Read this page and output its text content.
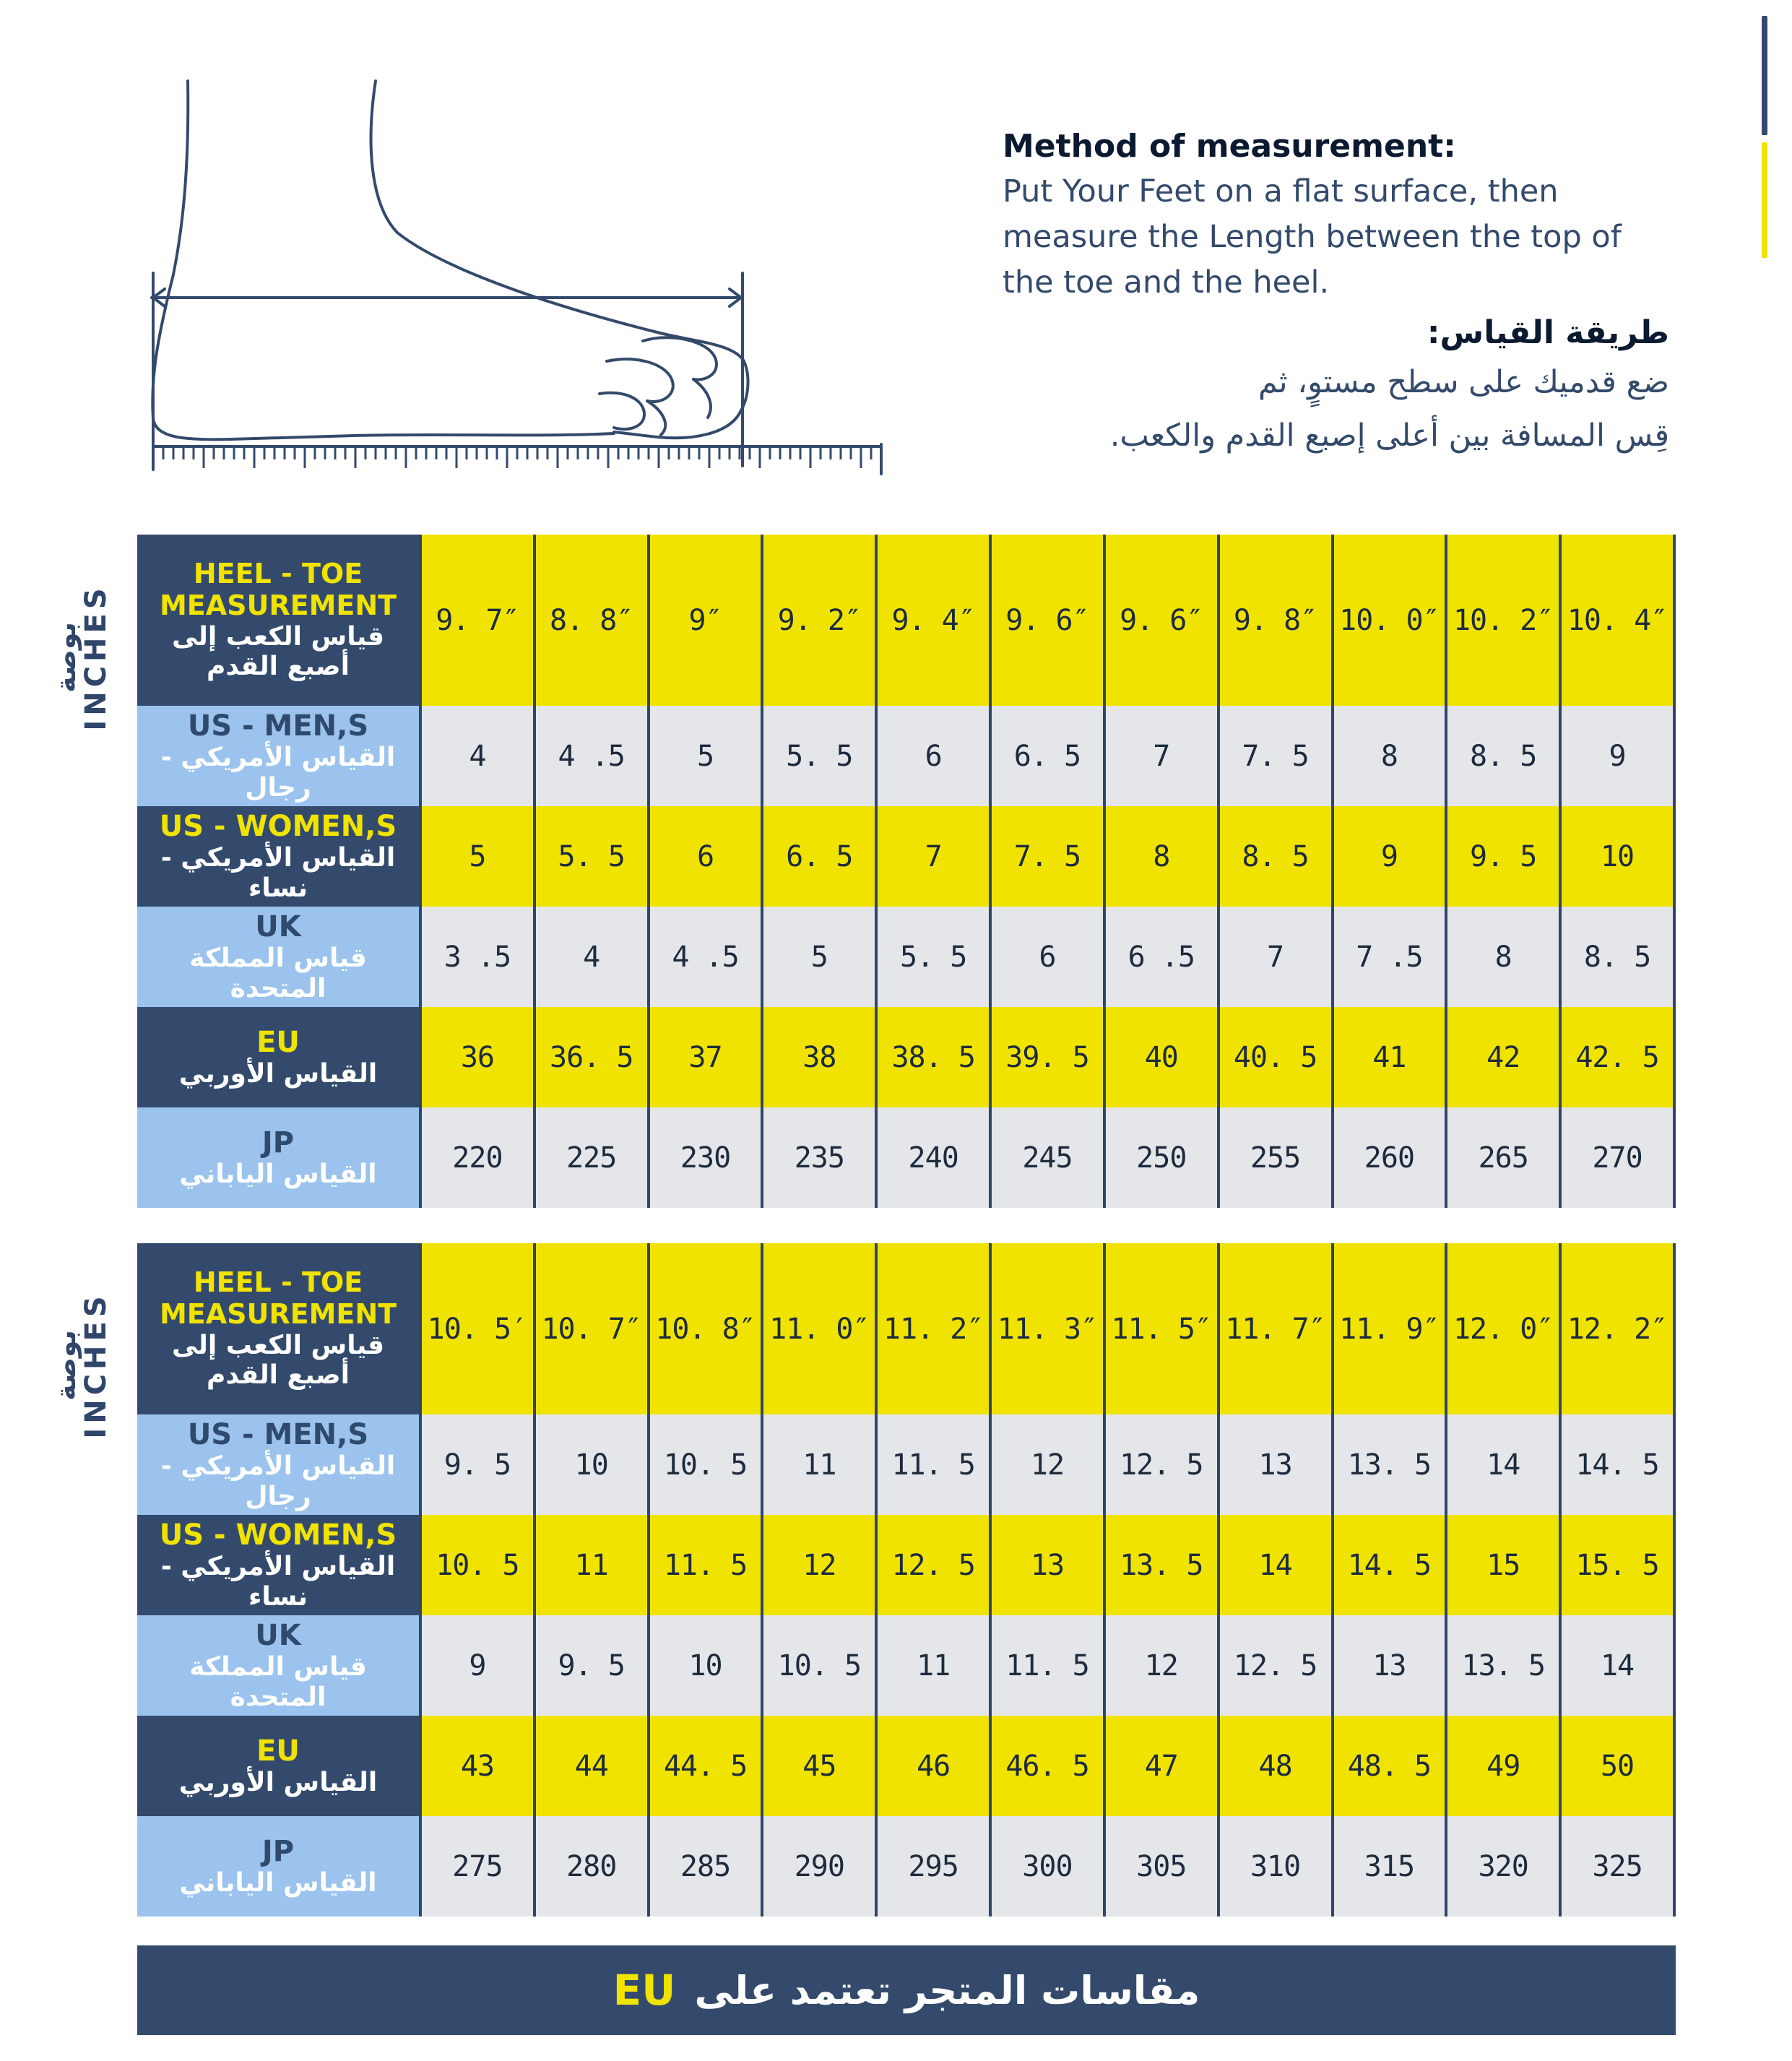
Method of measurement:
Put Your Feet on a flat surface, then
measure the Length between the top of
the toe and the heel.
طريقة القياس:
ضع قدميك على سطح مستوٍ، ثم
قِس المسافة بين أعلى إصبع القدم والكعب.
بوصة
INCHES
HEEL - TOE MEASUREMENT
قياس الكعب إلى أصبع القدم	9. 7″	8. 8″	9″	9. 2″	9. 4″	9. 6″	9. 6″	9. 8″	10. 0″	10. 2″	10. 4″

US - MEN,S
القياس الأمريكي - رجال	4	4 .5	5	5. 5	6	6. 5	7	7. 5	8	8. 5	9

US - WOMEN,S
القياس الأمريكي - نساء	5	5. 5	6	6. 5	7	7. 5	8	8. 5	9	9. 5	10

UK
قياس المملكة المتحدة	3 .5	4	4 .5	5	5. 5	6	6 .5	7	7 .5	8	8. 5

EU
القياس الأوربي	36	36. 5	37	38	38. 5	39. 5	40	40. 5	41	42	42. 5

JP
القياس الياباني	220	225	230	235	240	245	250	255	260	265	270
بوصة
INCHES
HEEL - TOE MEASUREMENT
قياس الكعب إلى أصبع القدم	10. 5′	10. 7″	10. 8″	11. 0″	11. 2″	11. 3″	11. 5″	11. 7″	11. 9″	12. 0″	12. 2″

US - MEN,S
القياس الأمريكي - رجال	9. 5	10	10. 5	11	11. 5	12	12. 5	13	13. 5	14	14. 5

US - WOMEN,S
القياس الأمريكي - نساء	10. 5	11	11. 5	12	12. 5	13	13. 5	14	14. 5	15	15. 5

UK
قياس المملكة المتحدة	9	9. 5	10	10. 5	11	11. 5	12	12. 5	13	13. 5	14

EU
القياس الأوربي	43	44	44. 5	45	46	46. 5	47	48	48. 5	49	50

JP
القياس الياباني	275	280	285	290	295	300	305	310	315	320	325
EU مقاسات المتجر تعتمد على
